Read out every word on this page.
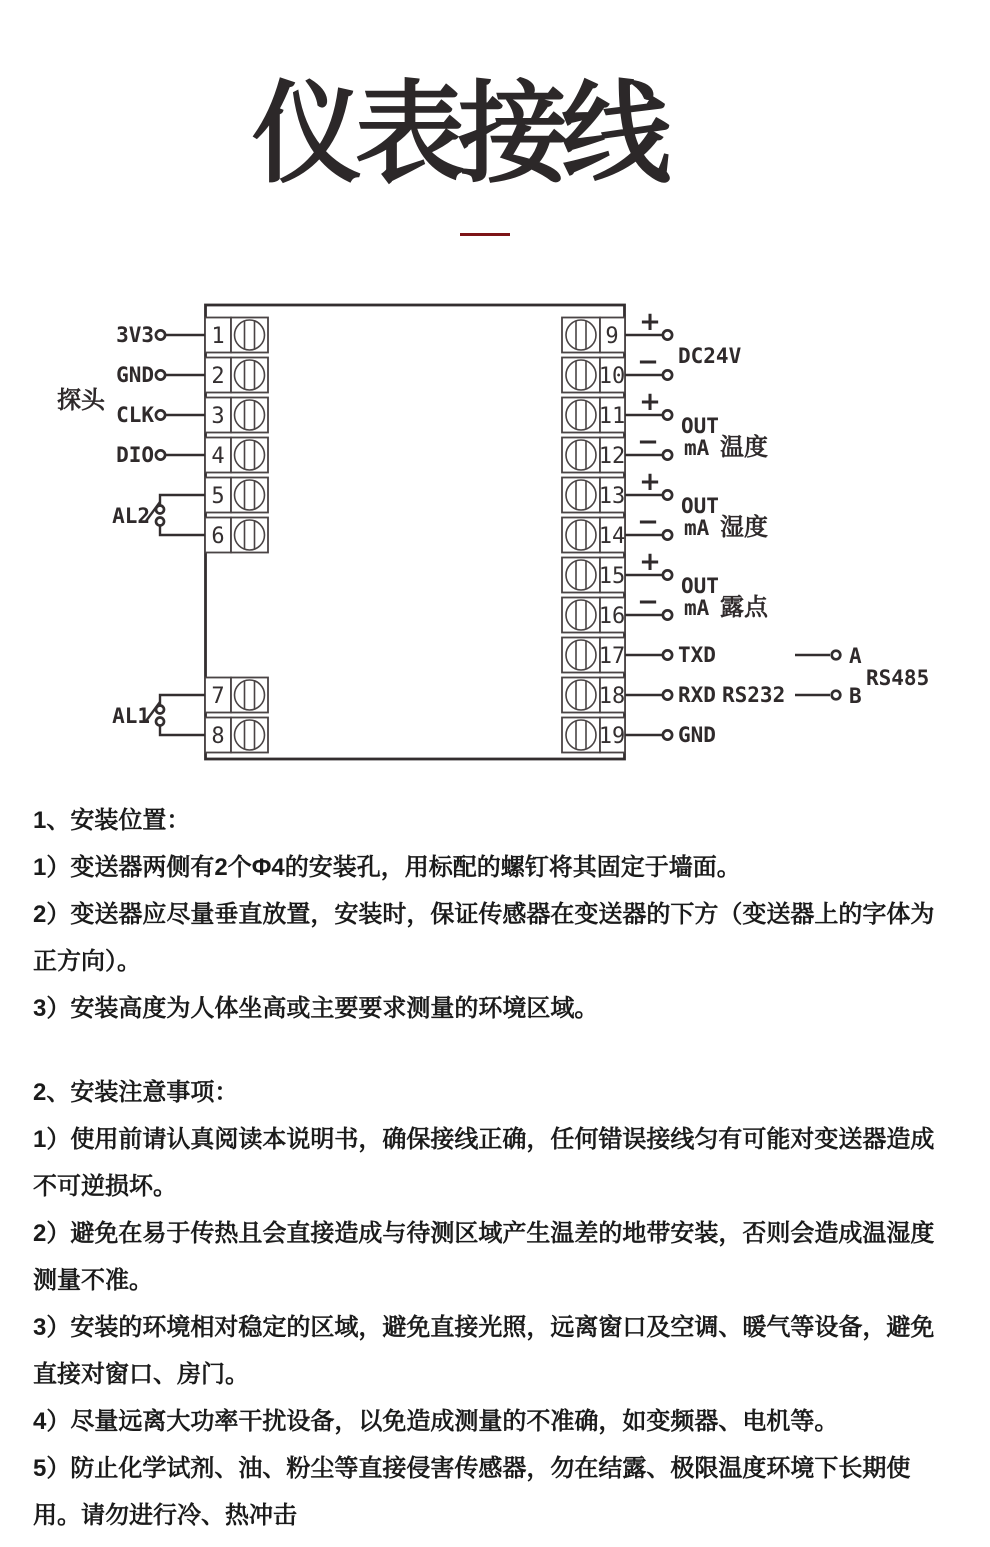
仪表接线
1
2
3
4
5
6
7
8
9
10
11
12
13
14
15
16
17
18
19
探头
3V3
GND
CLK
DIO
AL2
AL1
+
− DC24V
+
−
OUT
mA 温度
+
−
OUT
mA 湿度
+
−
OUT
mA 露点
TXD	A
RXD RS232	B
RS485
GND

1、安装位置：

1）变送器两侧有2个Φ4的安装孔，用标配的螺钉将其固定于墙面。

2）变送器应尽量垂直放置，安装时，保证传感器在变送器的下方（变送器上的字体为正方向）。

3）安装高度为人体坐高或主要要求测量的环境区域。

2、安装注意事项：

1）使用前请认真阅读本说明书，确保接线正确，任何错误接线匀有可能对变送器造成不可逆损坏。

2）避免在易于传热且会直接造成与待测区域产生温差的地带安装，否则会造成温湿度测量不准。

3）安装的环境相对稳定的区域，避免直接光照，远离窗口及空调、暖气等设备，避免直接对窗口、房门。

4）尽量远离大功率干扰设备，以免造成测量的不准确，如变频器、电机等。

5）防止化学试剂、油、粉尘等直接侵害传感器，勿在结露、极限温度环境下长期使用。请勿进行冷、热冲击
